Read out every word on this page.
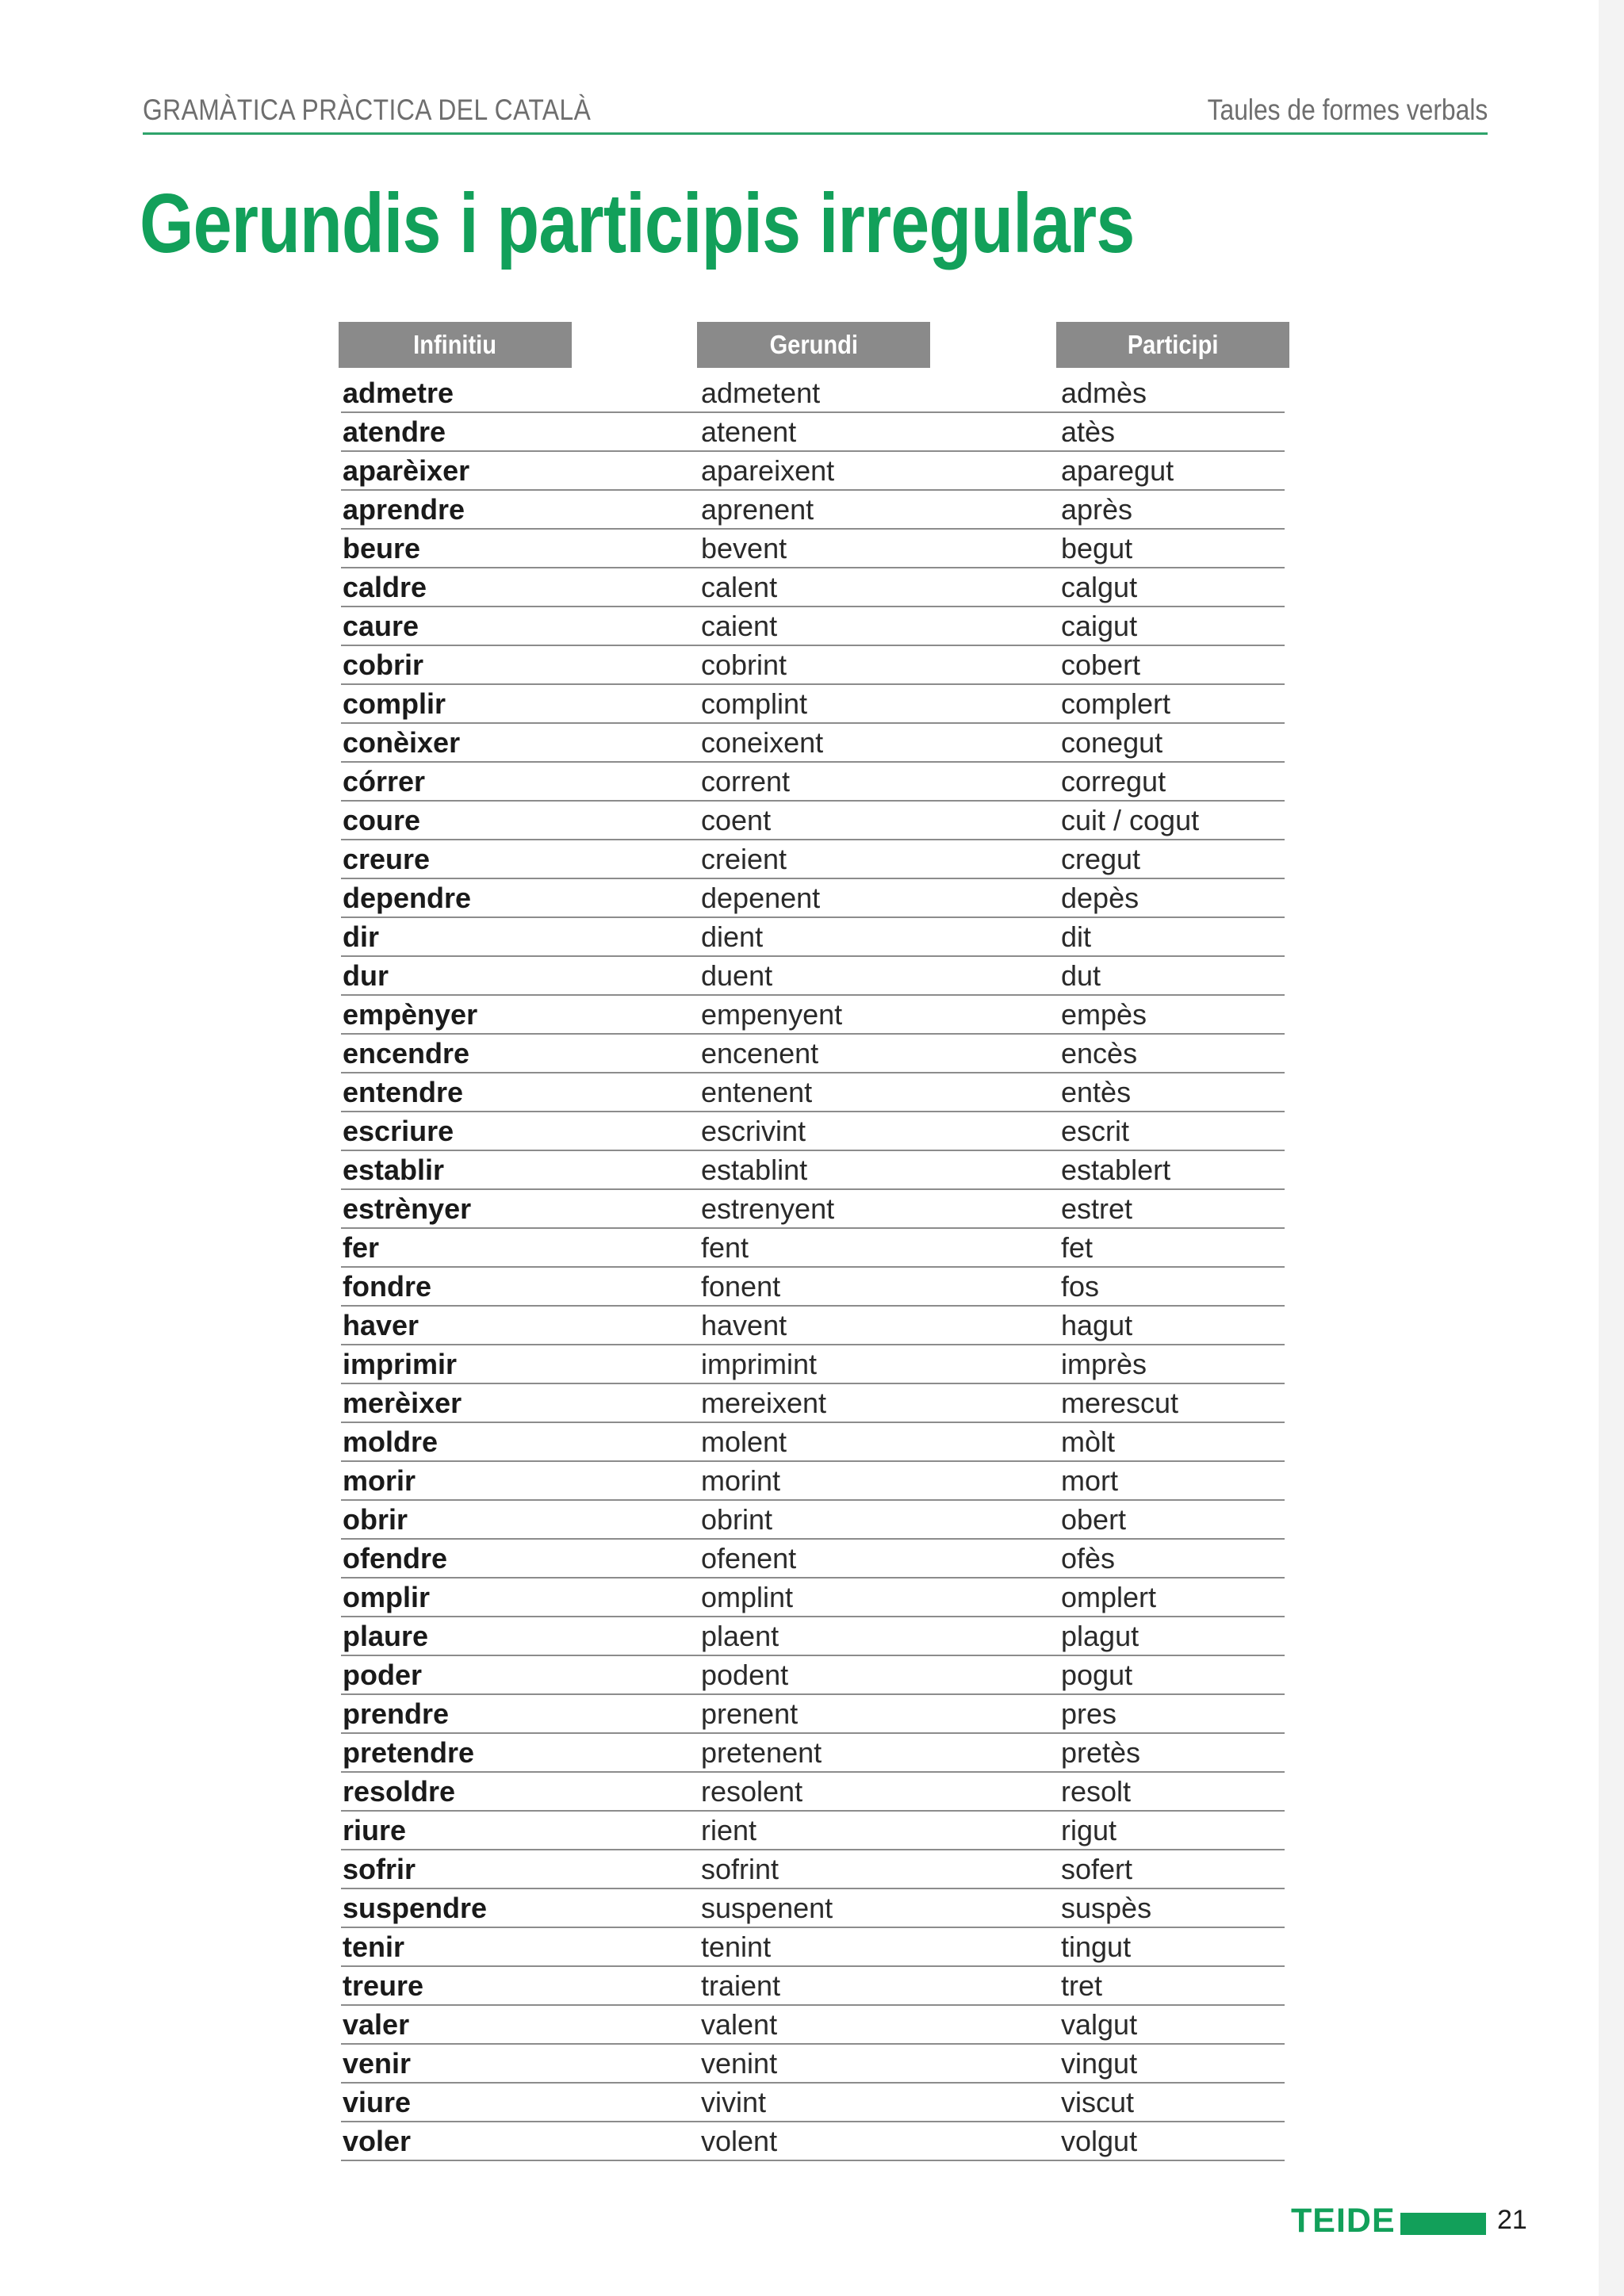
GRAMÀTICA PRÀCTICA DEL CATALÀ	Taules de formes verbals
Gerundis i participis irregulars
Infinitiu	Gerundi	Participi
admetre	admetent	admès
atendre	atenent	atès
aparèixer	apareixent	aparegut
aprendre	aprenent	après
beure	bevent	begut
caldre	calent	calgut
caure	caient	caigut
cobrir	cobrint	cobert
complir	complint	complert
conèixer	coneixent	conegut
córrer	corrent	corregut
coure	coent	cuit / cogut
creure	creient	cregut
dependre	depenent	depès
dir	dient	dit
dur	duent	dut
empènyer	empenyent	empès
encendre	encenent	encès
entendre	entenent	entès
escriure	escrivint	escrit
establir	establint	establert
estrènyer	estrenyent	estret
fer	fent	fet
fondre	fonent	fos
haver	havent	hagut
imprimir	imprimint	imprès
merèixer	mereixent	merescut
moldre	molent	mòlt
morir	morint	mort
obrir	obrint	obert
ofendre	ofenent	ofès
omplir	omplint	omplert
plaure	plaent	plagut
poder	podent	pogut
prendre	prenent	pres
pretendre	pretenent	pretès
resoldre	resolent	resolt
riure	rient	rigut
sofrir	sofrint	sofert
suspendre	suspenent	suspès
tenir	tenint	tingut
treure	traient	tret
valer	valent	valgut
venir	venint	vingut
viure	vivint	viscut
voler	volent	volgut
TEIDE	21
